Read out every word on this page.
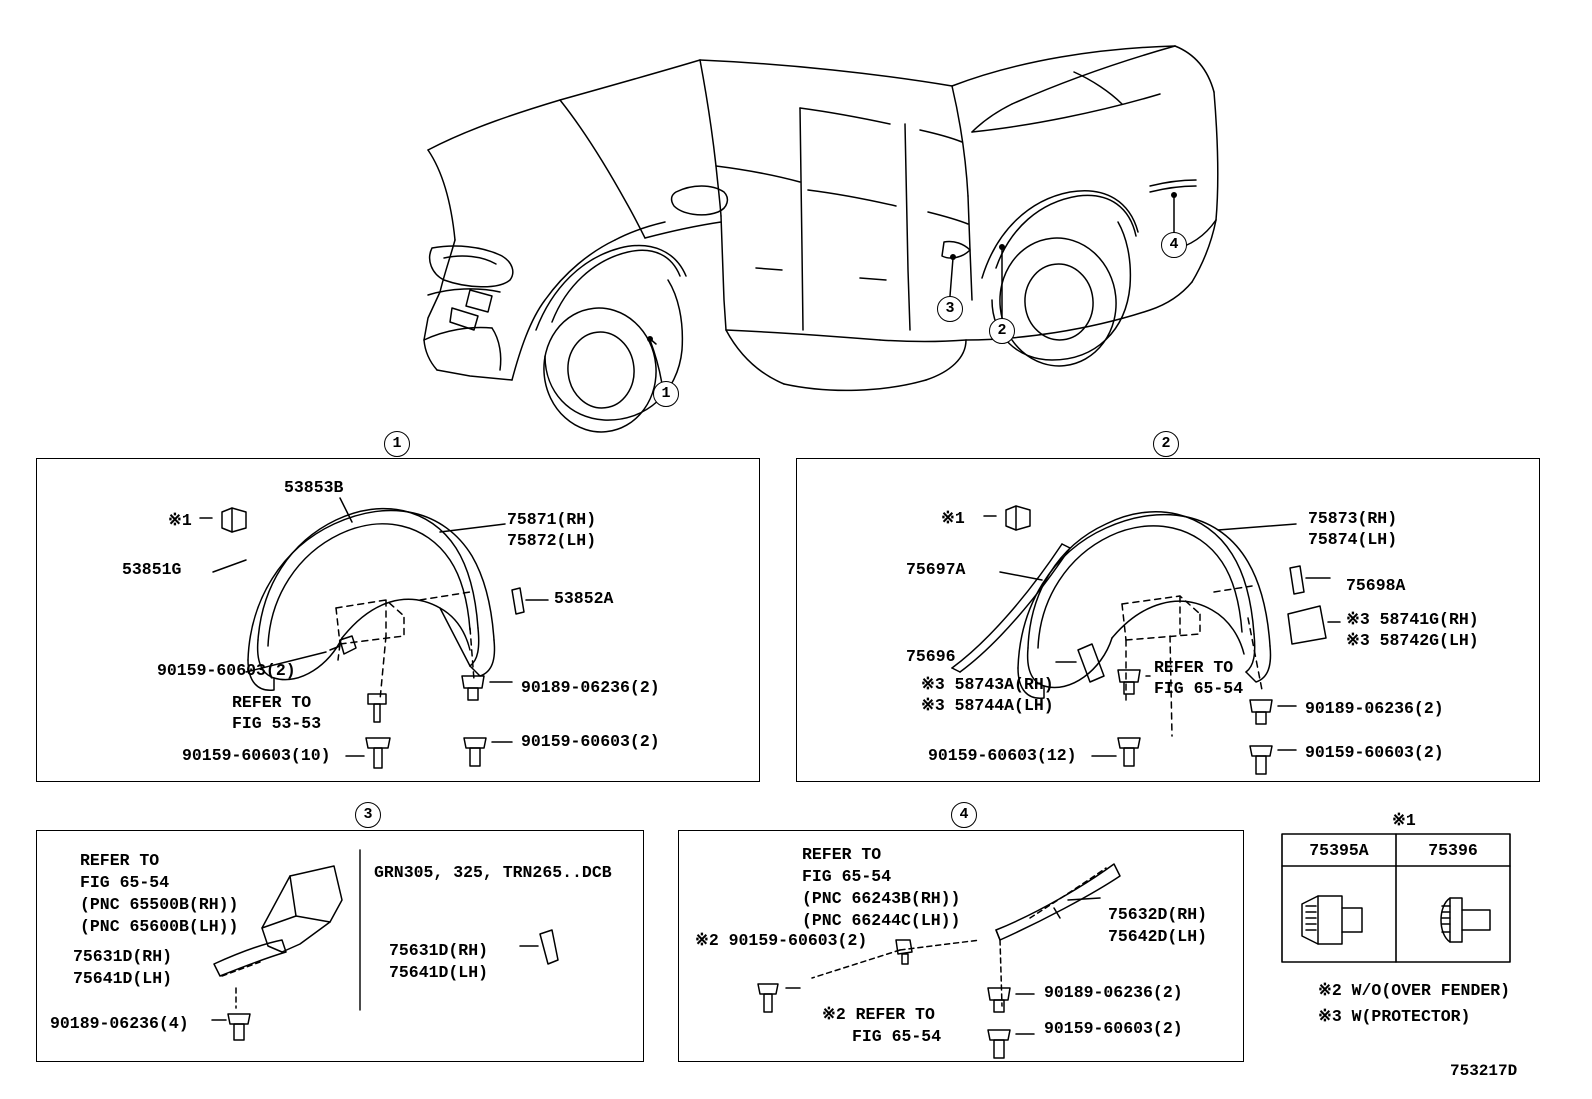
1
3
2
4
1
53853B
※1
53851G
75871(RH)
75872(LH)
53852A
90159-60603(2)
REFER TO
FIG 53-53
90159-60603(10)
90189-06236(2)
90159-60603(2)
2
※1
75697A
75696
75873(RH)
75874(LH)
75698A
※3 58741G(RH)
※3 58742G(LH)
※3 58743A(RH)
※3 58744A(LH)
REFER TO
FIG 65-54
90159-60603(12)
90189-06236(2)
90159-60603(2)
3
REFER TO
FIG 65-54
(PNC 65500B(RH))
(PNC 65600B(LH))
75631D(RH)
75641D(LH)
90189-06236(4)
GRN305, 325, TRN265..DCB
75631D(RH)
75641D(LH)
4
REFER TO
FIG 65-54
(PNC 66243B(RH))
(PNC 66244C(LH))
※2 90159-60603(2)
75632D(RH)
75642D(LH)
90189-06236(2)
※2 REFER TO
FIG 65-54	90159-60603(2)
※1
75395A	75396
※2 W/O(OVER FENDER)
※3 W(PROTECTOR)
753217D
